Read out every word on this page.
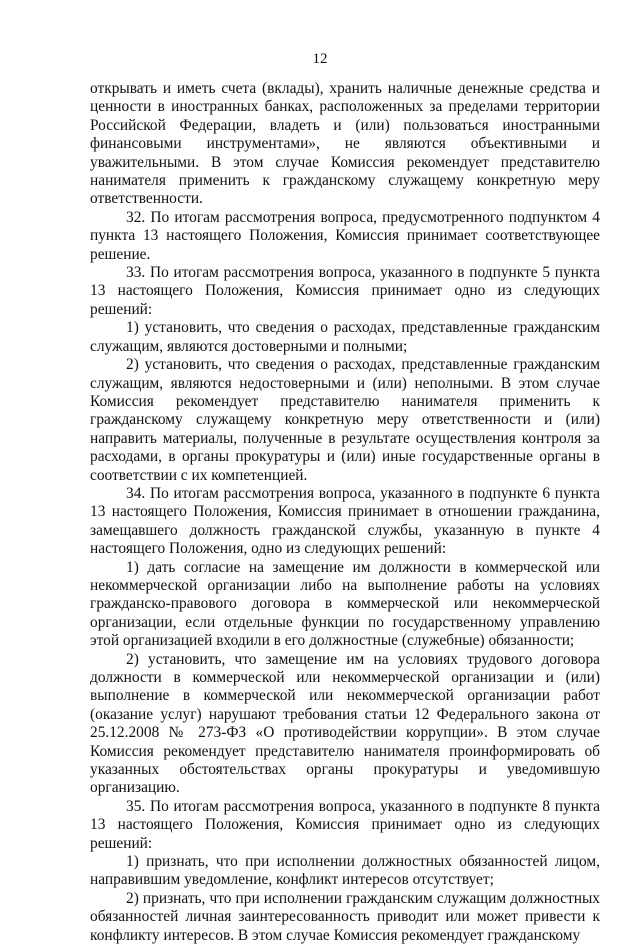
12

открывать и иметь счета (вклады), хранить наличные денежные средства и ценности в иностранных банках, расположенных за пределами территории Российской Федерации, владеть и (или) пользоваться иностранными финансовыми инструментами», не являются объективными и уважительными. В этом случае Комиссия рекомендует представителю нанимателя применить к гражданскому служащему конкретную меру ответственности.

32. По итогам рассмотрения вопроса, предусмотренного подпунктом 4 пункта 13 настоящего Положения, Комиссия принимает соответствующее решение.

33. По итогам рассмотрения вопроса, указанного в подпункте 5 пункта 13 настоящего Положения, Комиссия принимает одно из следующих решений:

1) установить, что сведения о расходах, представленные гражданским служащим, являются достоверными и полными;

2) установить, что сведения о расходах, представленные гражданским служащим, являются недостоверными и (или) неполными. В этом случае Комиссия рекомендует представителю нанимателя применить к гражданскому служащему конкретную меру ответственности и (или) направить материалы, полученные в результате осуществления контроля за расходами, в органы прокуратуры и (или) иные государственные органы в соответствии с их компетенцией.

34. По итогам рассмотрения вопроса, указанного в подпункте 6 пункта 13 настоящего Положения, Комиссия принимает в отношении гражданина, замещавшего должность гражданской службы, указанную в пункте 4 настоящего Положения, одно из следующих решений:

1) дать согласие на замещение им должности в коммерческой или некоммерческой организации либо на выполнение работы на условиях гражданско-правового договора в коммерческой или некоммерческой организации, если отдельные функции по государственному управлению этой организацией входили в его должностные (служебные) обязанности;

2) установить, что замещение им на условиях трудового договора должности в коммерческой или некоммерческой организации и (или) выполнение в коммерческой или некоммерческой организации работ (оказание услуг) нарушают требования статьи 12 Федерального закона от 25.12.2008 № 273-ФЗ «О противодействии коррупции». В этом случае Комиссия рекомендует представителю нанимателя проинформировать об указанных обстоятельствах органы прокуратуры и уведомившую организацию.

35. По итогам рассмотрения вопроса, указанного в подпункте 8 пункта 13 настоящего Положения, Комиссия принимает одно из следующих решений:

1) признать, что при исполнении должностных обязанностей лицом, направившим уведомление, конфликт интересов отсутствует;

2) признать, что при исполнении гражданским служащим должностных обязанностей личная заинтересованность приводит или может привести к конфликту интересов. В этом случае Комиссия рекомендует гражданскому
